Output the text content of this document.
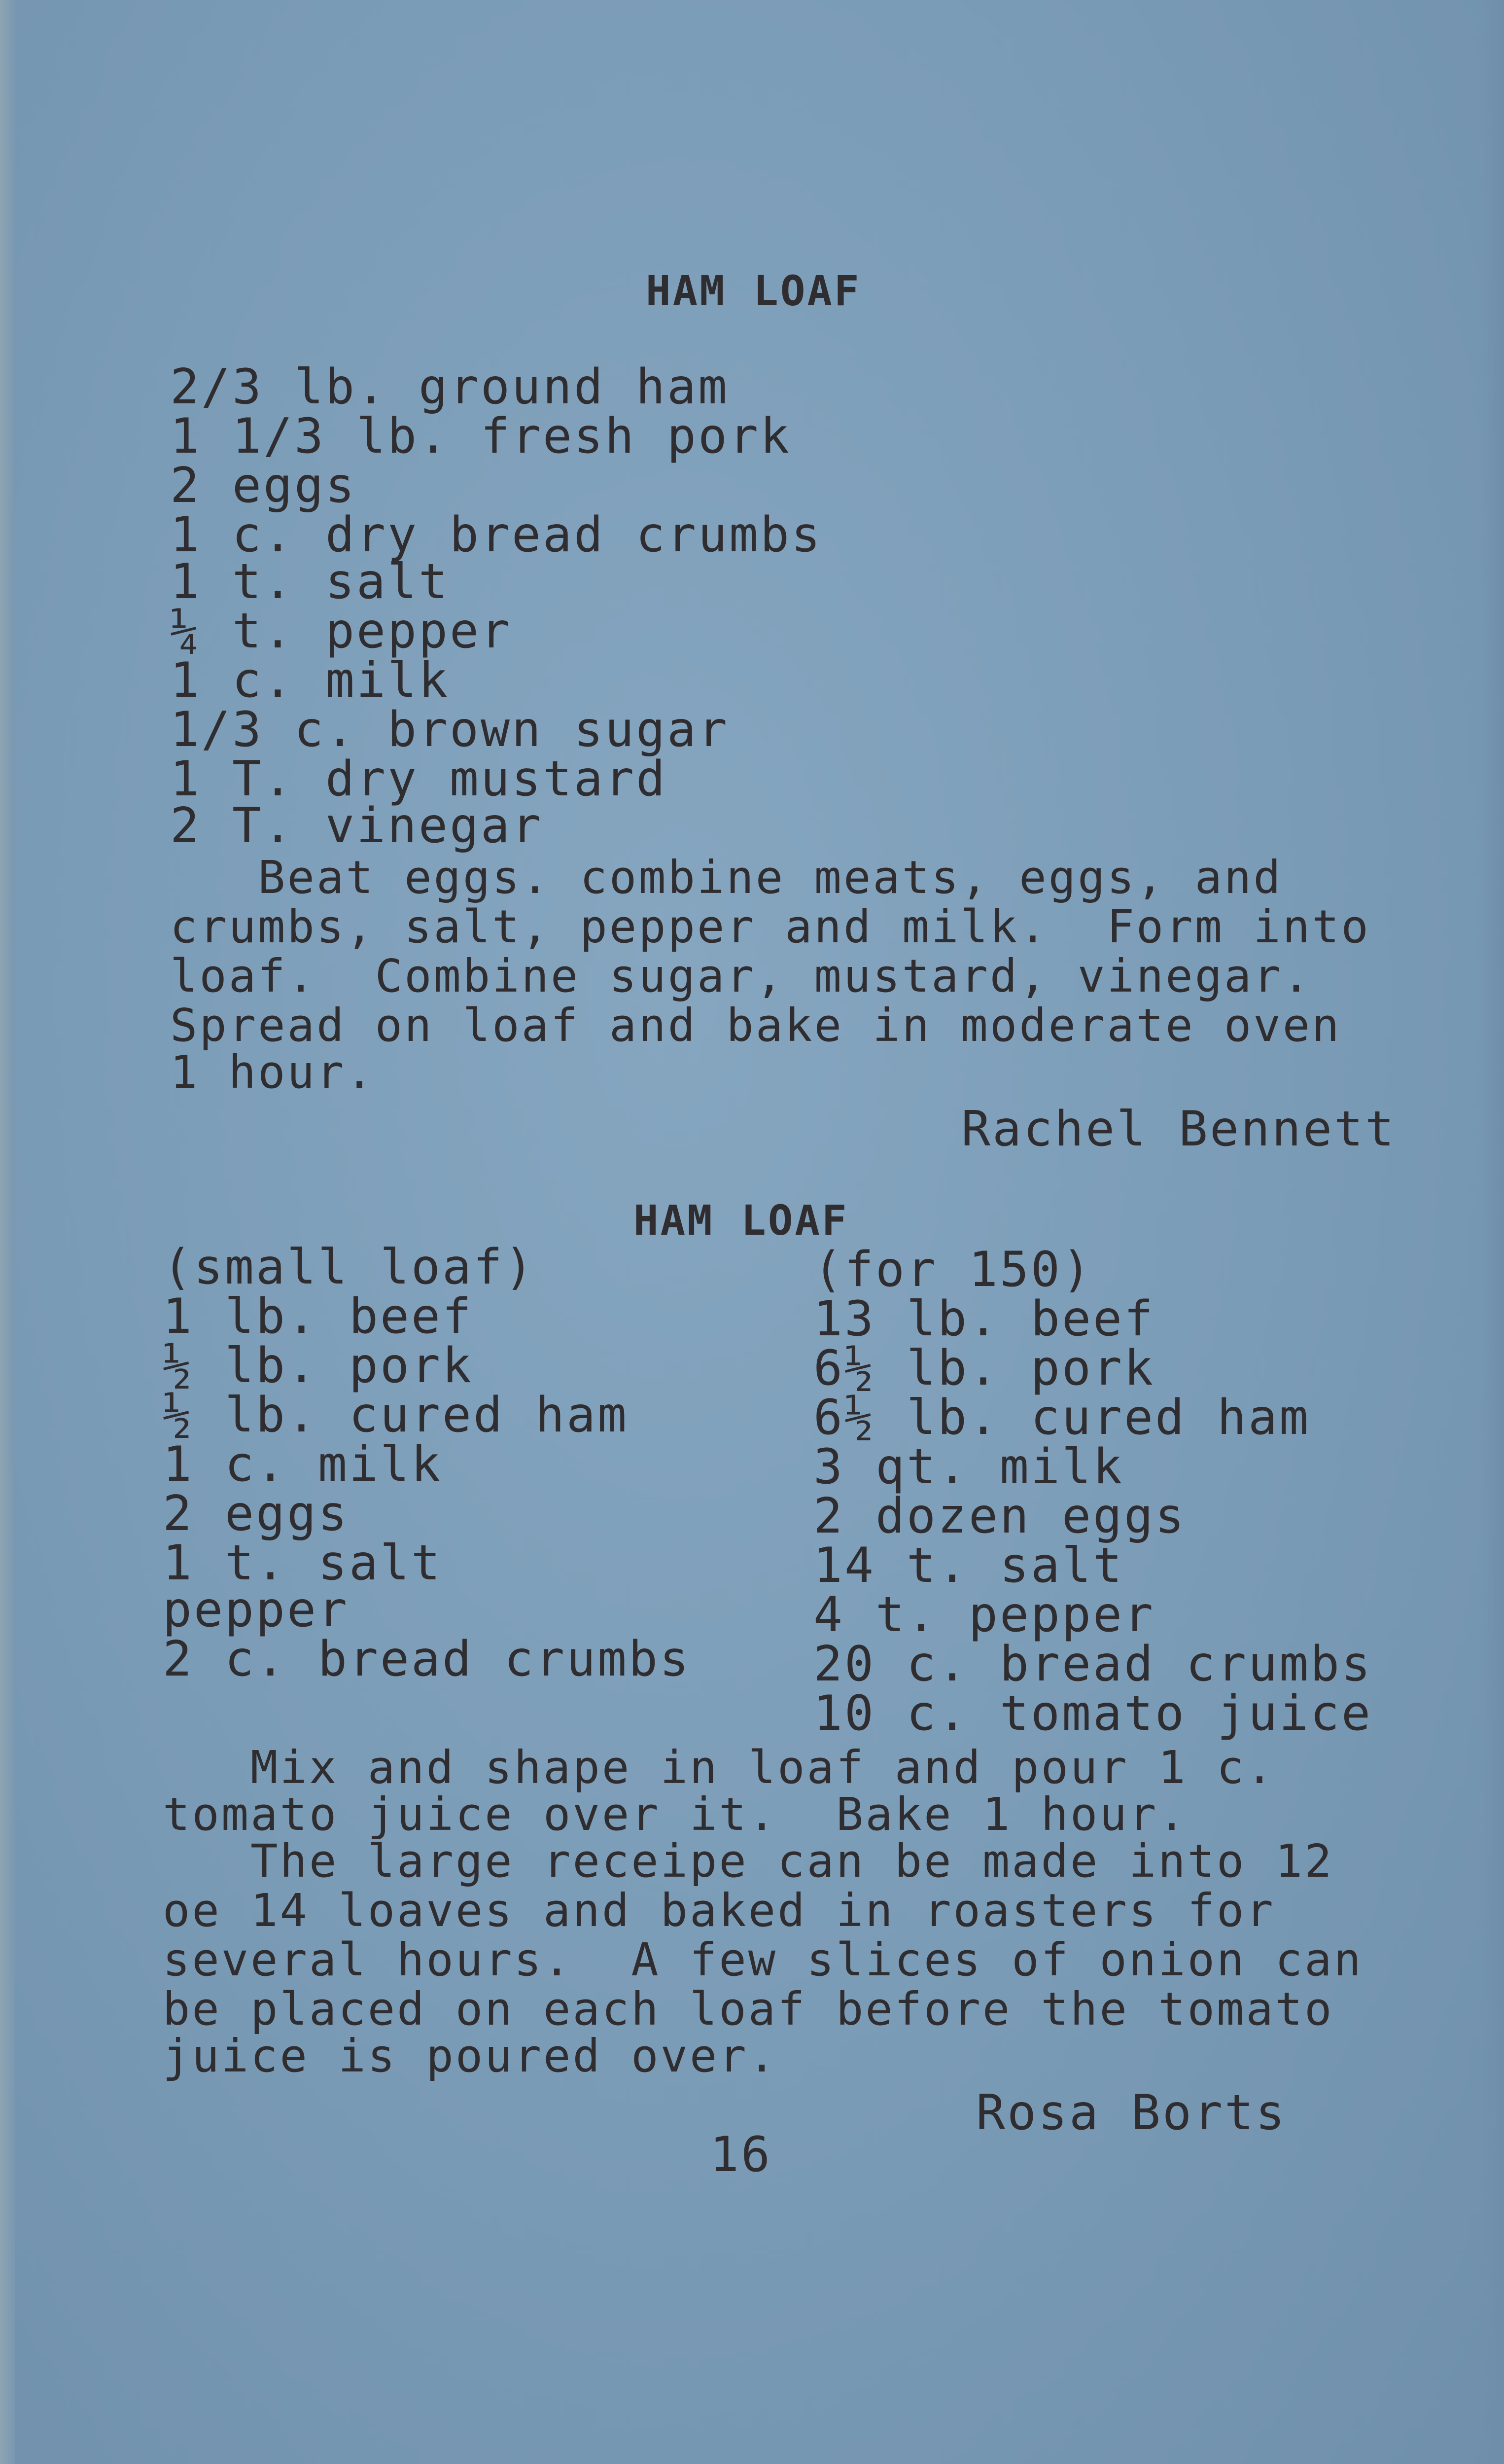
HAM LOAF
2/3 lb. ground ham
1 1/3 lb. fresh pork
2 eggs
1 c. dry bread crumbs
1 t. salt
¼ t. pepper
1 c. milk
1/3 c. brown sugar
1 T. dry mustard
2 T. vinegar
Beat eggs. combine meats, eggs, and
crumbs, salt, pepper and milk.  Form into
loaf.  Combine sugar, mustard, vinegar.
Spread on loaf and bake in moderate oven
1 hour.
Rachel Bennett
HAM LOAF
(small loaf)
1 lb. beef
½ lb. pork
½ lb. cured ham
1 c. milk
2 eggs
1 t. salt
pepper
2 c. bread crumbs
(for 150)
13 lb. beef
6½ lb. pork
6½ lb. cured ham
3 qt. milk
2 dozen eggs
14 t. salt
4 t. pepper
20 c. bread crumbs
10 c. tomato juice
Mix and shape in loaf and pour 1 c.
tomato juice over it.  Bake 1 hour.
The large receipe can be made into 12
oe 14 loaves and baked in roasters for
several hours.  A few slices of onion can
be placed on each loaf before the tomato
juice is poured over.
Rosa Borts
16
